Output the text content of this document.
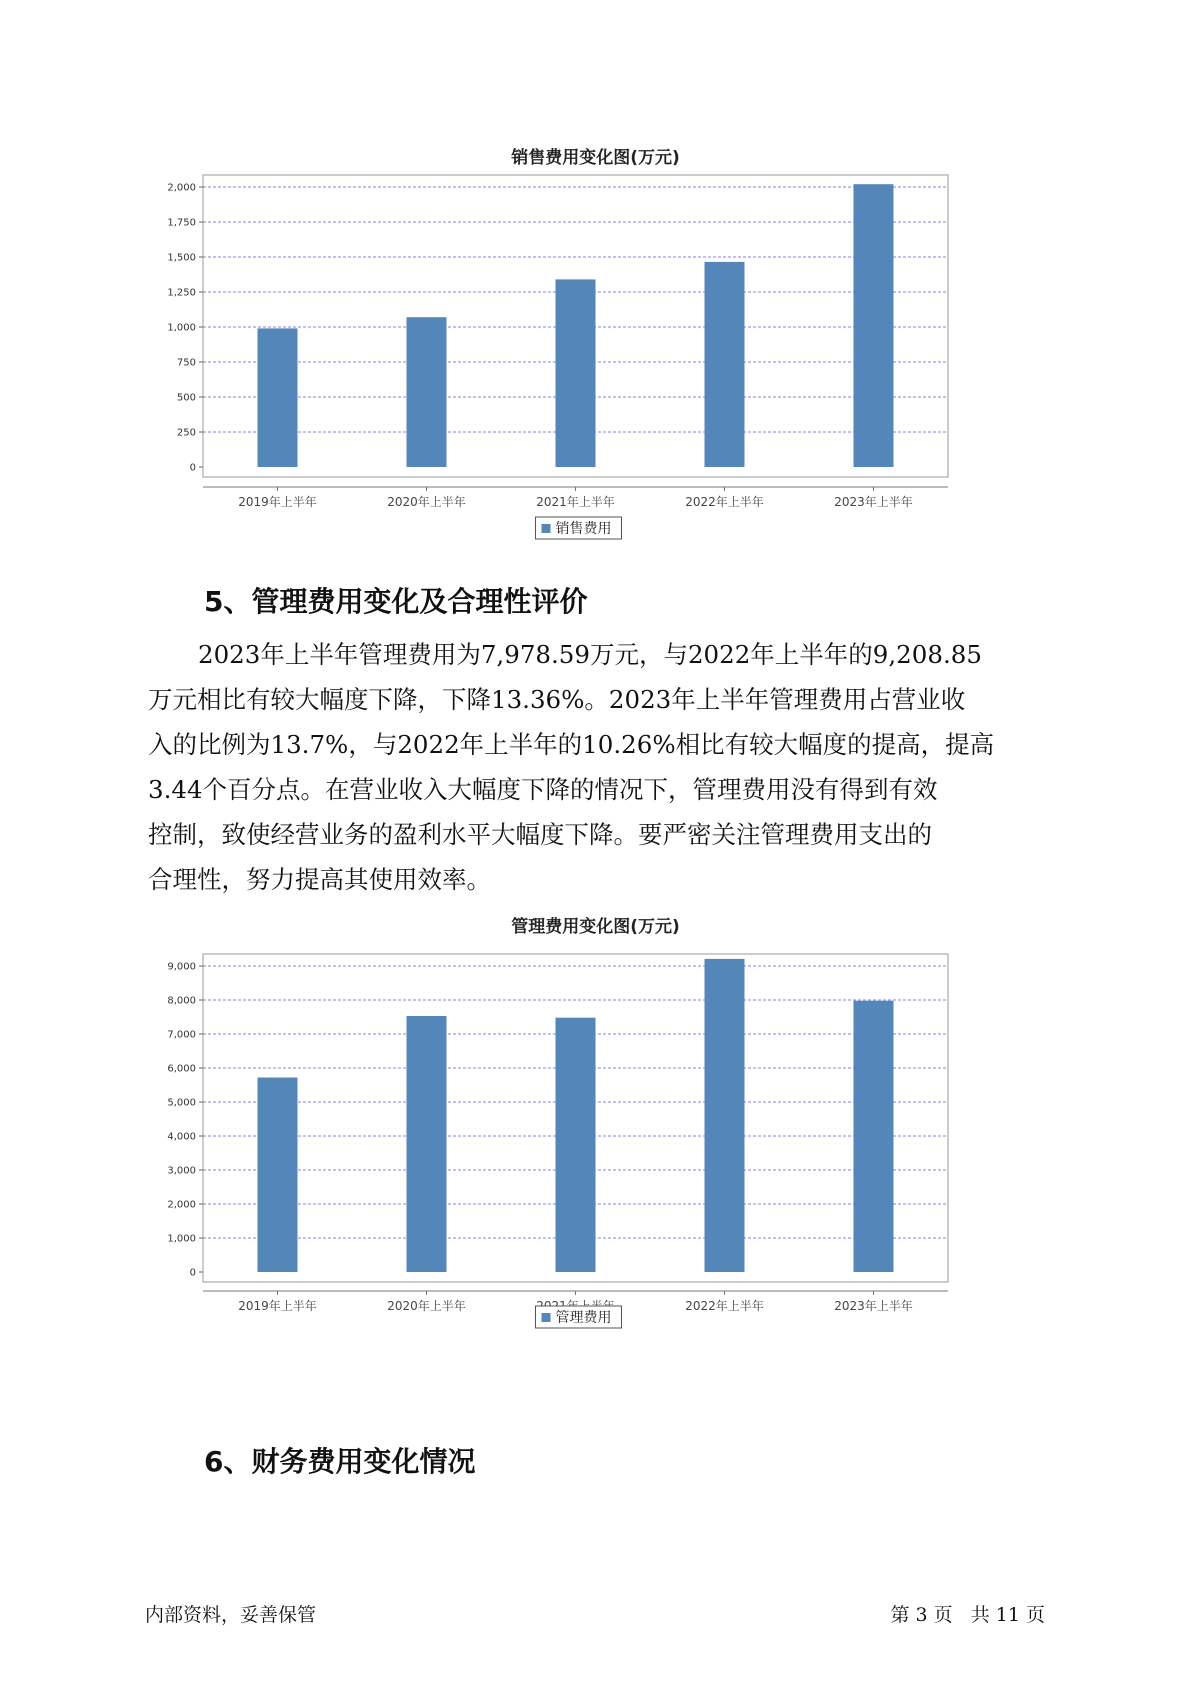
销售费用变化图(万元)
0
250
500
750
1,000
1,250
1,500
1,750
2,000
2019年上半年	2020年上半年	2021年上半年	2022年上半年	2023年上半年
销售费用
5、管理费用变化及合理性评价
2023年上半年管理费用为7,978.59万元，与2022年上半年的9,208.85
万元相比有较大幅度下降，下降13.36%。2023年上半年管理费用占营业收
入的比例为13.7%，与2022年上半年的10.26%相比有较大幅度的提高，提高
3.44个百分点。在营业收入大幅度下降的情况下，管理费用没有得到有效
控制，致使经营业务的盈利水平大幅度下降。要严密关注管理费用支出的
合理性，努力提高其使用效率。
管理费用变化图(万元)
0
1,000
2,000
3,000
4,000
5,000
6,000
7,000
8,000
9,000
2019年上半年	2020年上半年	2022年上半年	2023年上半年
管理费用
6、财务费用变化情况
内部资料，妥善保管	第 3 页   共 11 页
